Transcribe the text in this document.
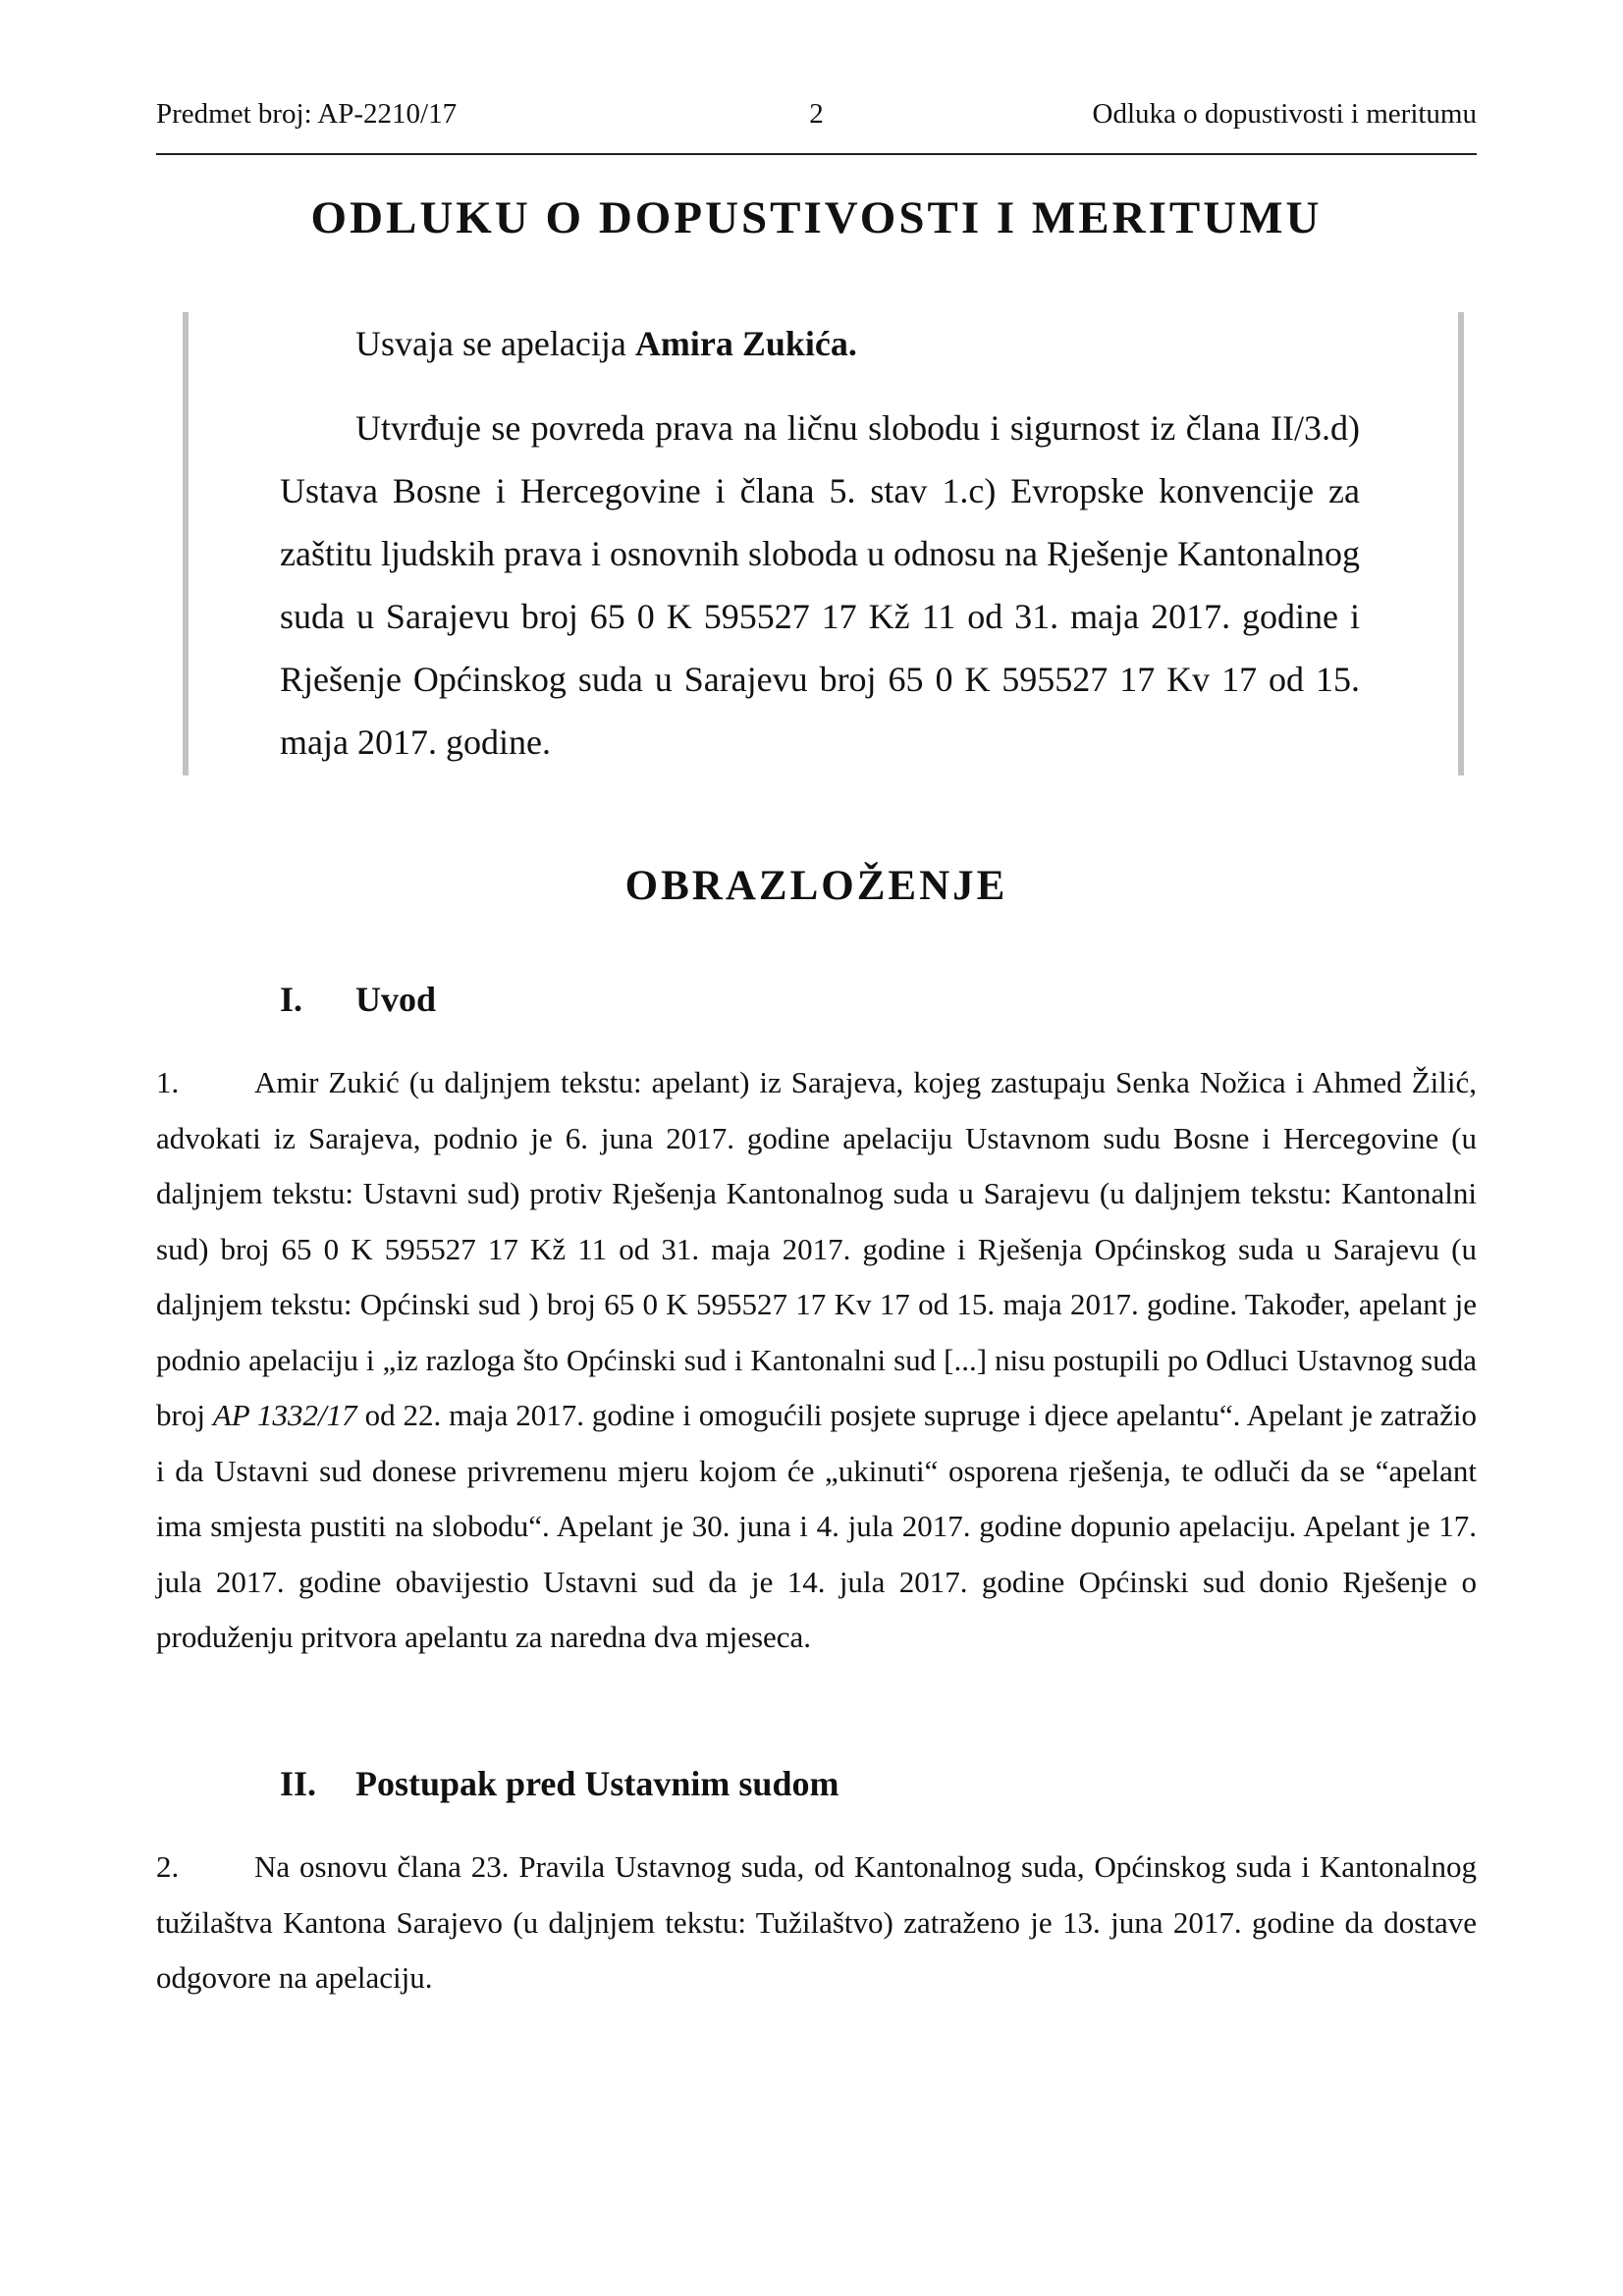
Predmet broj: AP-2210/17	2	Odluka o dopustivosti i meritumu
ODLUKU O DOPUSTIVOSTI I MERITUMU

Usvaja se apelacija Amira Zukića.

Utvrđuje se povreda prava na ličnu slobodu i sigurnost iz člana II/3.d) Ustava Bosne i Hercegovine i člana 5. stav 1.c) Evropske konvencije za zaštitu ljudskih prava i osnovnih sloboda u odnosu na Rješenje Kantonalnog suda u Sarajevu broj 65 0 K 595527 17 Kž 11 od 31. maja 2017. godine i Rješenje Općinskog suda u Sarajevu broj 65 0 K 595527 17 Kv 17 od 15. maja 2017. godine.

OBRAZLOŽENJE
I. Uvod

1. Amir Zukić (u daljnjem tekstu: apelant) iz Sarajeva, kojeg zastupaju Senka Nožica i Ahmed Žilić, advokati iz Sarajeva, podnio je 6. juna 2017. godine apelaciju Ustavnom sudu Bosne i Hercegovine (u daljnjem tekstu: Ustavni sud) protiv Rješenja Kantonalnog suda u Sarajevu (u daljnjem tekstu: Kantonalni sud) broj 65 0 K 595527 17 Kž 11 od 31. maja 2017. godine i Rješenja Općinskog suda u Sarajevu (u daljnjem tekstu: Općinski sud ) broj 65 0 K 595527 17 Kv 17 od 15. maja 2017. godine. Također, apelant je podnio apelaciju i „iz razloga što Općinski sud i Kantonalni sud [...] nisu postupili po Odluci Ustavnog suda broj AP 1332/17 od 22. maja 2017. godine i omogućili posjete supruge i djece apelantu“. Apelant je zatražio i da Ustavni sud donese privremenu mjeru kojom će „ukinuti“ osporena rješenja, te odluči da se “apelant ima smjesta pustiti na slobodu“. Apelant je 30. juna i 4. jula 2017. godine dopunio apelaciju. Apelant je 17. jula 2017. godine obavijestio Ustavni sud da je 14. jula 2017. godine Općinski sud donio Rješenje o produženju pritvora apelantu za naredna dva mjeseca.

II. Postupak pred Ustavnim sudom

2. Na osnovu člana 23. Pravila Ustavnog suda, od Kantonalnog suda, Općinskog suda i Kantonalnog tužilaštva Kantona Sarajevo (u daljnjem tekstu: Tužilaštvo) zatraženo je 13. juna 2017. godine da dostave odgovore na apelaciju.
